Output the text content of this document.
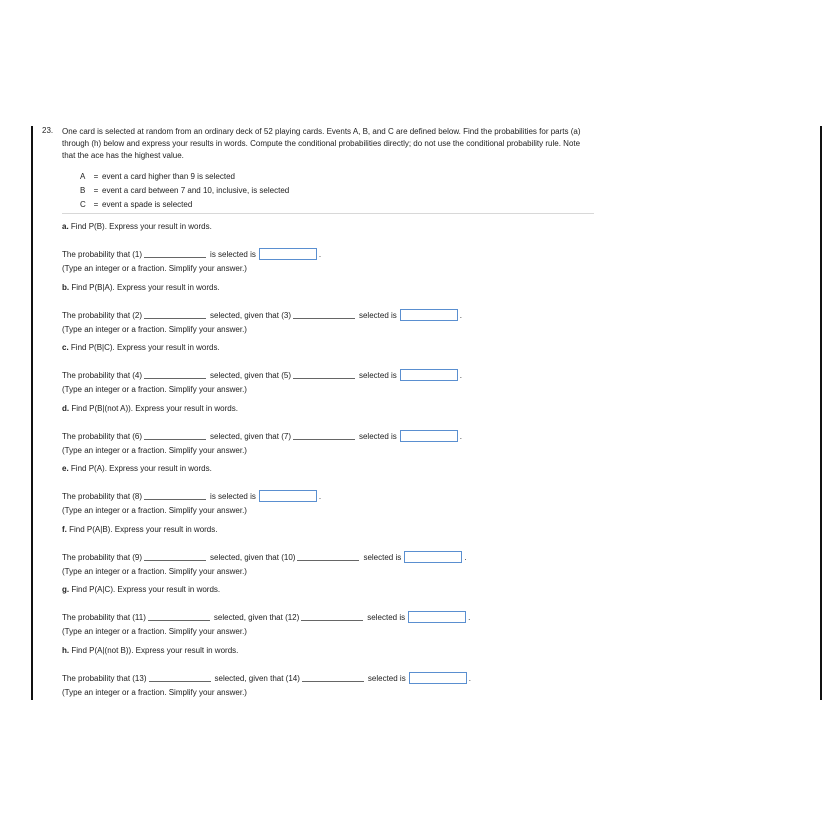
23. One card is selected at random from an ordinary deck of 52 playing cards. Events A, B, and C are defined below. Find the probabilities for parts (a) through (h) below and express your results in words. Compute the conditional probabilities directly; do not use the conditional probability rule. Note that the ace has the highest value.
A = event a card higher than 9 is selected
B = event a card between 7 and 10, inclusive, is selected
C = event a spade is selected
a. Find P(B). Express your result in words.
The probability that (1)	is selected is	.
(Type an integer or a fraction. Simplify your answer.)
b. Find P(B|A). Express your result in words.
The probability that (2)	selected, given that (3)	selected is	.
(Type an integer or a fraction. Simplify your answer.)
c. Find P(B|C). Express your result in words.
The probability that (4)	selected, given that (5)	selected is	.
(Type an integer or a fraction. Simplify your answer.)
d. Find P(B|(not A)). Express your result in words.
The probability that (6)	selected, given that (7)	selected is	.
(Type an integer or a fraction. Simplify your answer.)
e. Find P(A). Express your result in words.
The probability that (8)	is selected is	.
(Type an integer or a fraction. Simplify your answer.)
f. Find P(A|B). Express your result in words.
The probability that (9)	selected, given that (10)	selected is	.
(Type an integer or a fraction. Simplify your answer.)
g. Find P(A|C). Express your result in words.
The probability that (11)	selected, given that (12)	selected is	.
(Type an integer or a fraction. Simplify your answer.)
h. Find P(A|(not B)). Express your result in words.
The probability that (13)	selected, given that (14)	selected is	.
(Type an integer or a fraction. Simplify your answer.)
